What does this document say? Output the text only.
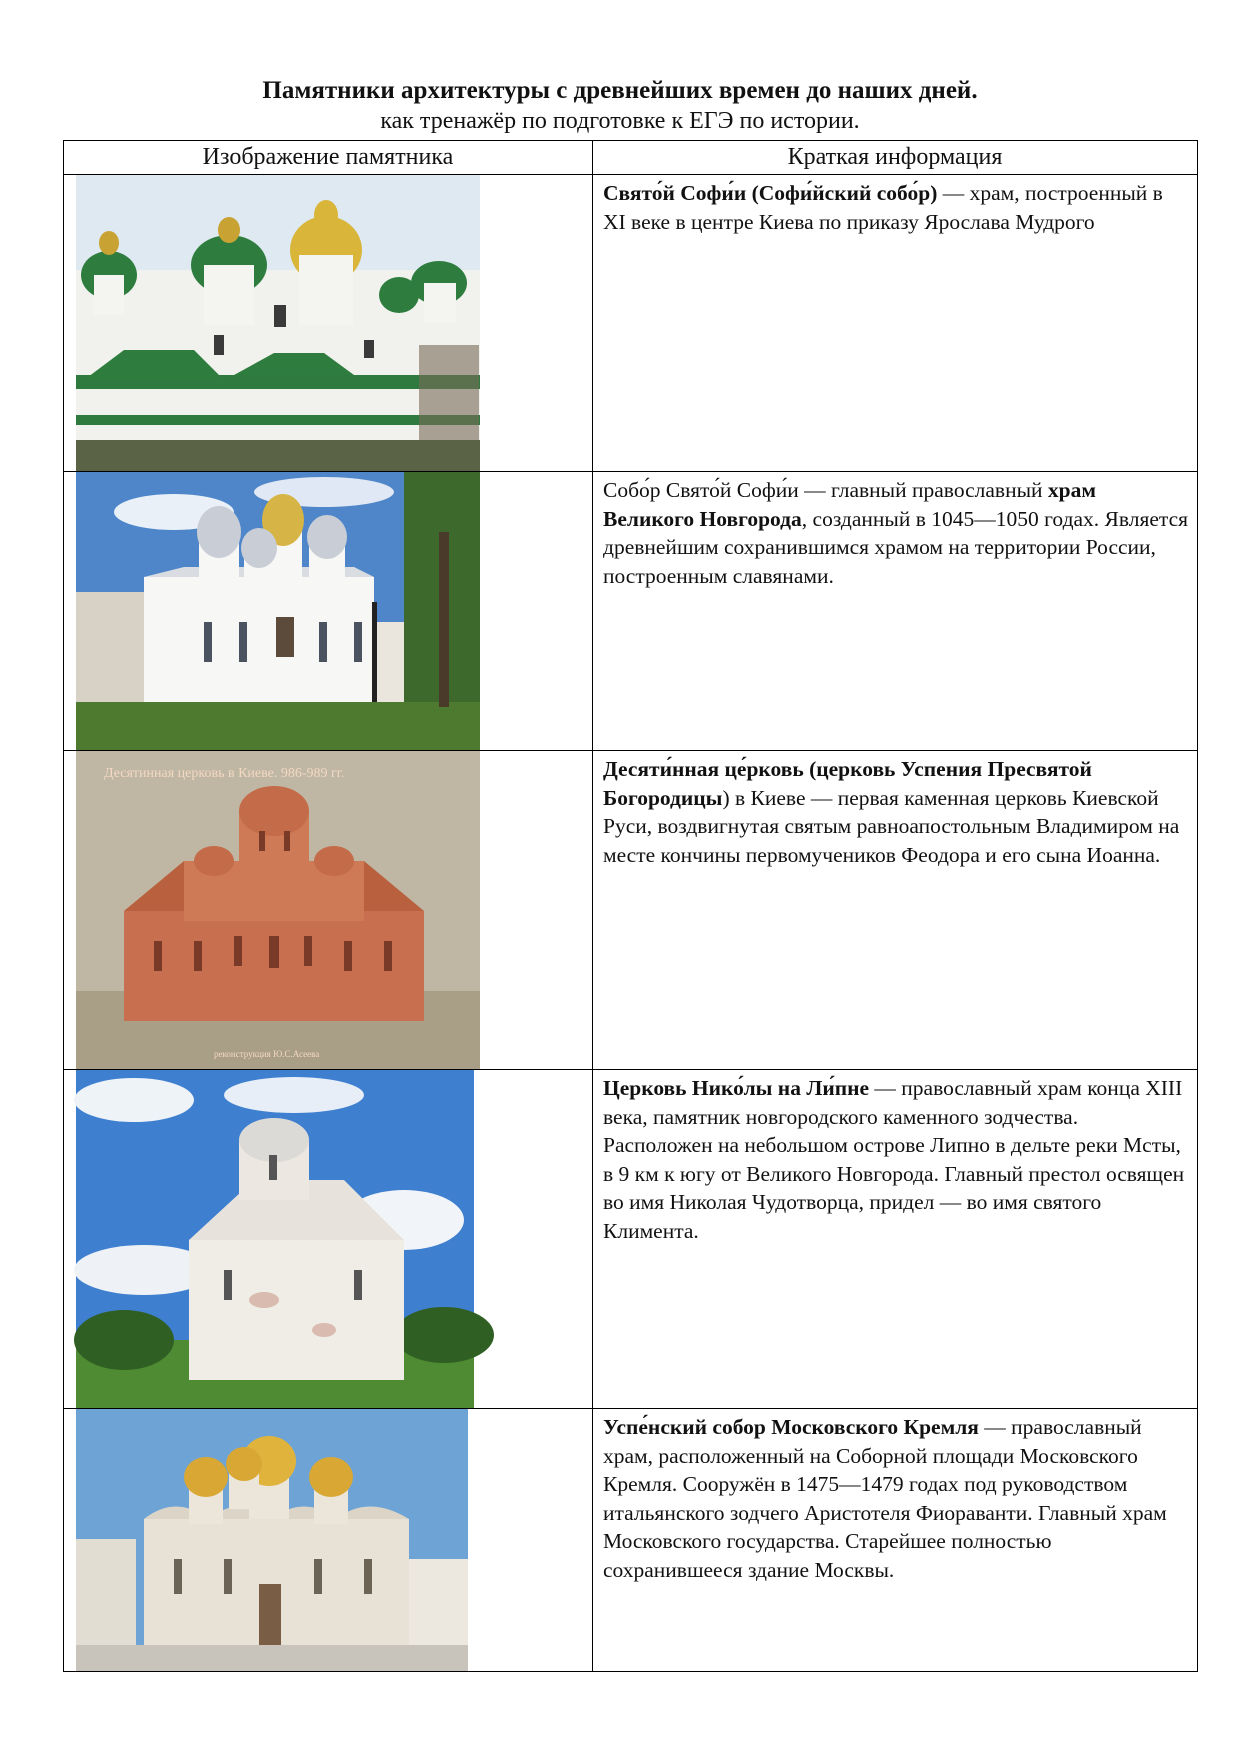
Памятники архитектуры с древнейших времен до наших дней.
как тренажёр по подготовке к ЕГЭ по истории.
Изображение памятника	Краткая информация

Свято́й Софи́и (Софи́йский собо́р) — храм, построенный в XI веке в центре Киева по приказу Ярослава Мудрого

Собо́р Свято́й Софи́и — главный православный храм Великого Новгорода, созданный в 1045—1050 годах. Является древнейшим сохранившимся храмом на территории России, построенным славянами.

Десятинная церковь в Киеве. 986-989 гг.
реконструкция Ю.С.Асеева	Десяти́нная це́рковь (церковь Успения Пресвятой Богородицы) в Киеве — первая каменная церковь Киевской Руси, воздвигнутая святым равноапостольным Владимиром на месте кончины первомучеников Феодора и его сына Иоанна.

Церковь Нико́лы на Ли́пне — православный храм конца XIII века, памятник новгородского каменного зодчества. Расположен на небольшом острове Липно в дельте реки Мсты, в 9 км к югу от Великого Новгорода. Главный престол освящен во имя Николая Чудотворца, придел — во имя святого Климента.

Успе́нский собор Московского Кремля — православный храм, расположенный на Соборной площади Московского Кремля. Сооружён в 1475—1479 годах под руководством итальянского зодчего Аристотеля Фиораванти. Главный храм Московского государства. Старейшее полностью сохранившееся здание Москвы.
